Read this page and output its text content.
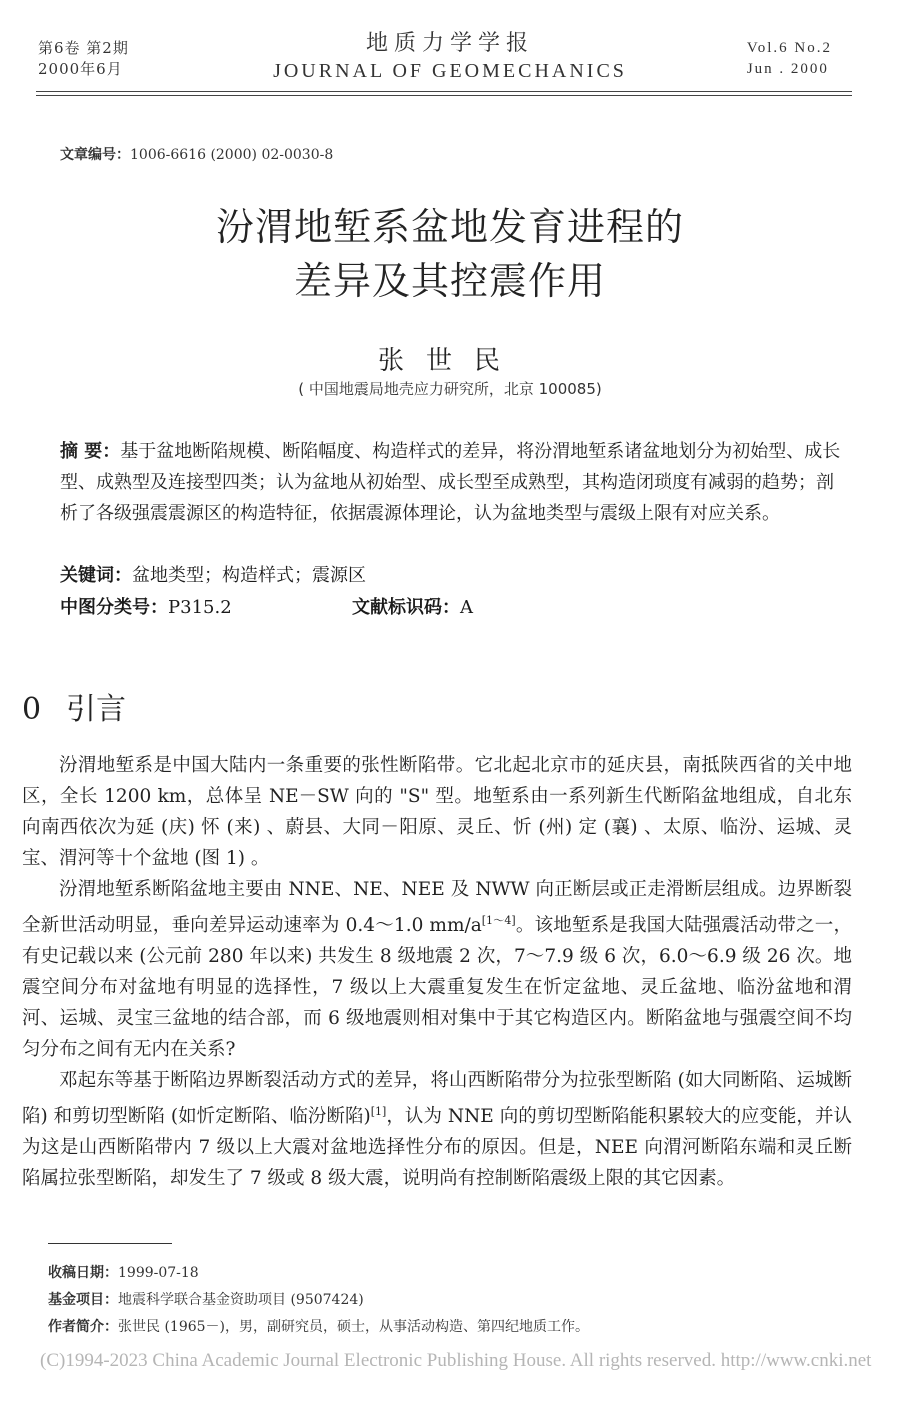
第6卷 第2期
2000年6月
地质力学学报
JOURNAL OF GEOMECHANICS
Vol.6 No.2
Jun . 2000
文章编号：1006-6616 (2000) 02-0030-8
汾渭地堑系盆地发育进程的
差异及其控震作用
张世民
( 中国地震局地壳应力研究所，北京 100085)
摘 要：基于盆地断陷规模、断陷幅度、构造样式的差异，将汾渭地堑系诸盆地划分为初始型、成长型、成熟型及连接型四类；认为盆地从初始型、成长型至成熟型，其构造闭琐度有减弱的趋势；剖析了各级强震震源区的构造特征，依据震源体理论，认为盆地类型与震级上限有对应关系。
关键词：盆地类型；构造样式；震源区
中图分类号：P315.2	文献标识码：A
0 引言

汾渭地堑系是中国大陆内一条重要的张性断陷带。它北起北京市的延庆县，南抵陕西省的关中地区，全长 1200 km，总体呈 NE－SW 向的 "S" 型。地堑系由一系列新生代断陷盆地组成，自北东向南西依次为延 (庆) 怀 (来) 、蔚县、大同－阳原、灵丘、忻 (州) 定 (襄) 、太原、临汾、运城、灵宝、渭河等十个盆地 (图 1) 。

汾渭地堑系断陷盆地主要由 NNE、NE、NEE 及 NWW 向正断层或正走滑断层组成。边界断裂全新世活动明显，垂向差异运动速率为 0.4～1.0 mm/a[1～4]。该地堑系是我国大陆强震活动带之一，有史记载以来 (公元前 280 年以来) 共发生 8 级地震 2 次，7～7.9 级 6 次，6.0～6.9 级 26 次。地震空间分布对盆地有明显的选择性，7 级以上大震重复发生在忻定盆地、灵丘盆地、临汾盆地和渭河、运城、灵宝三盆地的结合部，而 6 级地震则相对集中于其它构造区内。断陷盆地与强震空间不均匀分布之间有无内在关系?

邓起东等基于断陷边界断裂活动方式的差异，将山西断陷带分为拉张型断陷 (如大同断陷、运城断陷) 和剪切型断陷 (如忻定断陷、临汾断陷)[1]，认为 NNE 向的剪切型断陷能积累较大的应变能，并认为这是山西断陷带内 7 级以上大震对盆地选择性分布的原因。但是，NEE 向渭河断陷东端和灵丘断陷属拉张型断陷，却发生了 7 级或 8 级大震，说明尚有控制断陷震级上限的其它因素。

收稿日期：1999-07-18
基金项目：地震科学联合基金资助项目 (9507424)
作者简介：张世民 (1965－)，男，副研究员，硕士，从事活动构造、第四纪地质工作。
(C)1994-2023 China Academic Journal Electronic Publishing House. All rights reserved. http://www.cnki.net
